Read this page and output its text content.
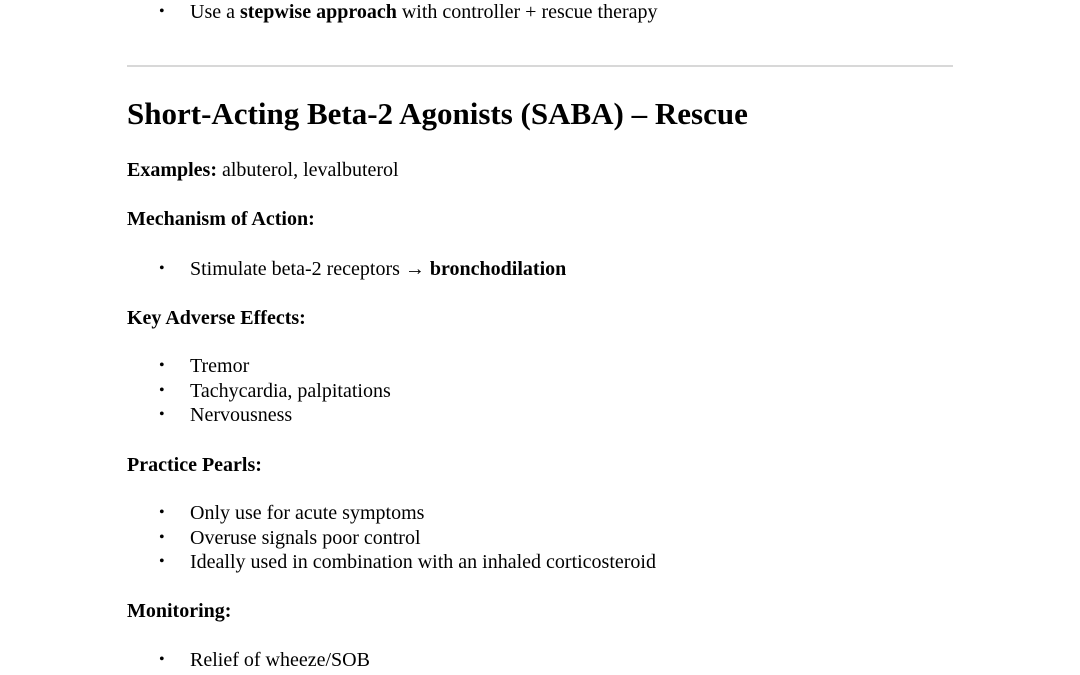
• Use a stepwise approach with controller + rescue therapy
Short-Acting Beta-2 Agonists (SABA) – Rescue
Examples: albuterol, levalbuterol
Mechanism of Action:
• Stimulate beta-2 receptors → bronchodilation
Key Adverse Effects:
• Tremor
• Tachycardia, palpitations
• Nervousness
Practice Pearls:
• Only use for acute symptoms
• Overuse signals poor control
• Ideally used in combination with an inhaled corticosteroid
Monitoring:
• Relief of wheeze/SOB
